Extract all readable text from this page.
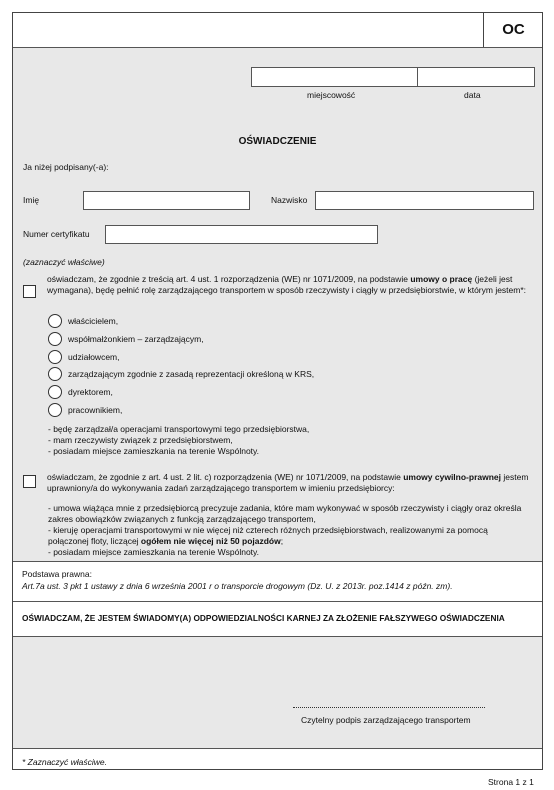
OC
miejscowość	data
OŚWIADCZENIE
Ja niżej podpisany(-a):
Imię	Nazwisko
Numer certyfikatu
(zaznaczyć właściwe)
oświadczam, że zgodnie z treścią art. 4 ust. 1 rozporządzenia (WE) nr 1071/2009, na podstawie umowy o pracę (jeżeli jest wymagana), będę pełnić rolę zarządzającego transportem w sposób rzeczywisty i ciągły w przedsiębiorstwie, w którym jestem*:
właścicielem,
współmałżonkiem – zarządzającym,
udziałowcem,
zarządzającym zgodnie z zasadą reprezentacji określoną w KRS,
dyrektorem,
pracownikiem,
- będę zarządzał/a operacjami transportowymi tego przedsiębiorstwa,
- mam rzeczywisty związek z przedsiębiorstwem,
- posiadam miejsce zamieszkania na terenie Wspólnoty.
oświadczam, że zgodnie z art. 4 ust. 2 lit. c) rozporządzenia (WE) nr 1071/2009, na podstawie umowy cywilno-prawnej jestem uprawniony/a do wykonywania zadań zarządzającego transportem w imieniu przedsiębiorcy:
- umowa wiążąca mnie z przedsiębiorcą precyzuje zadania, które mam wykonywać w sposób rzeczywisty i ciągły oraz określa zakres obowiązków związanych z funkcją zarządzającego transportem,
- kieruję operacjami transportowymi w nie więcej niż czterech różnych przedsiębiorstwach, realizowanymi za pomocą połączonej floty, liczącej ogółem nie więcej niż 50 pojazdów;
- posiadam miejsce zamieszkania na terenie Wspólnoty.
Podstawa prawna:
Art.7a ust. 3 pkt 1 ustawy z dnia 6 września 2001 r o transporcie drogowym (Dz. U. z 2013r. poz.1414 z późn. zm).
OŚWIADCZAM, ŻE JESTEM ŚWIADOMY(A) ODPOWIEDZIALNOŚCI KARNEJ ZA ZŁOŻENIE FAŁSZYWEGO OŚWIADCZENIA
Czytelny podpis zarządzającego transportem
* Zaznaczyć właściwe.
Strona 1 z 1
